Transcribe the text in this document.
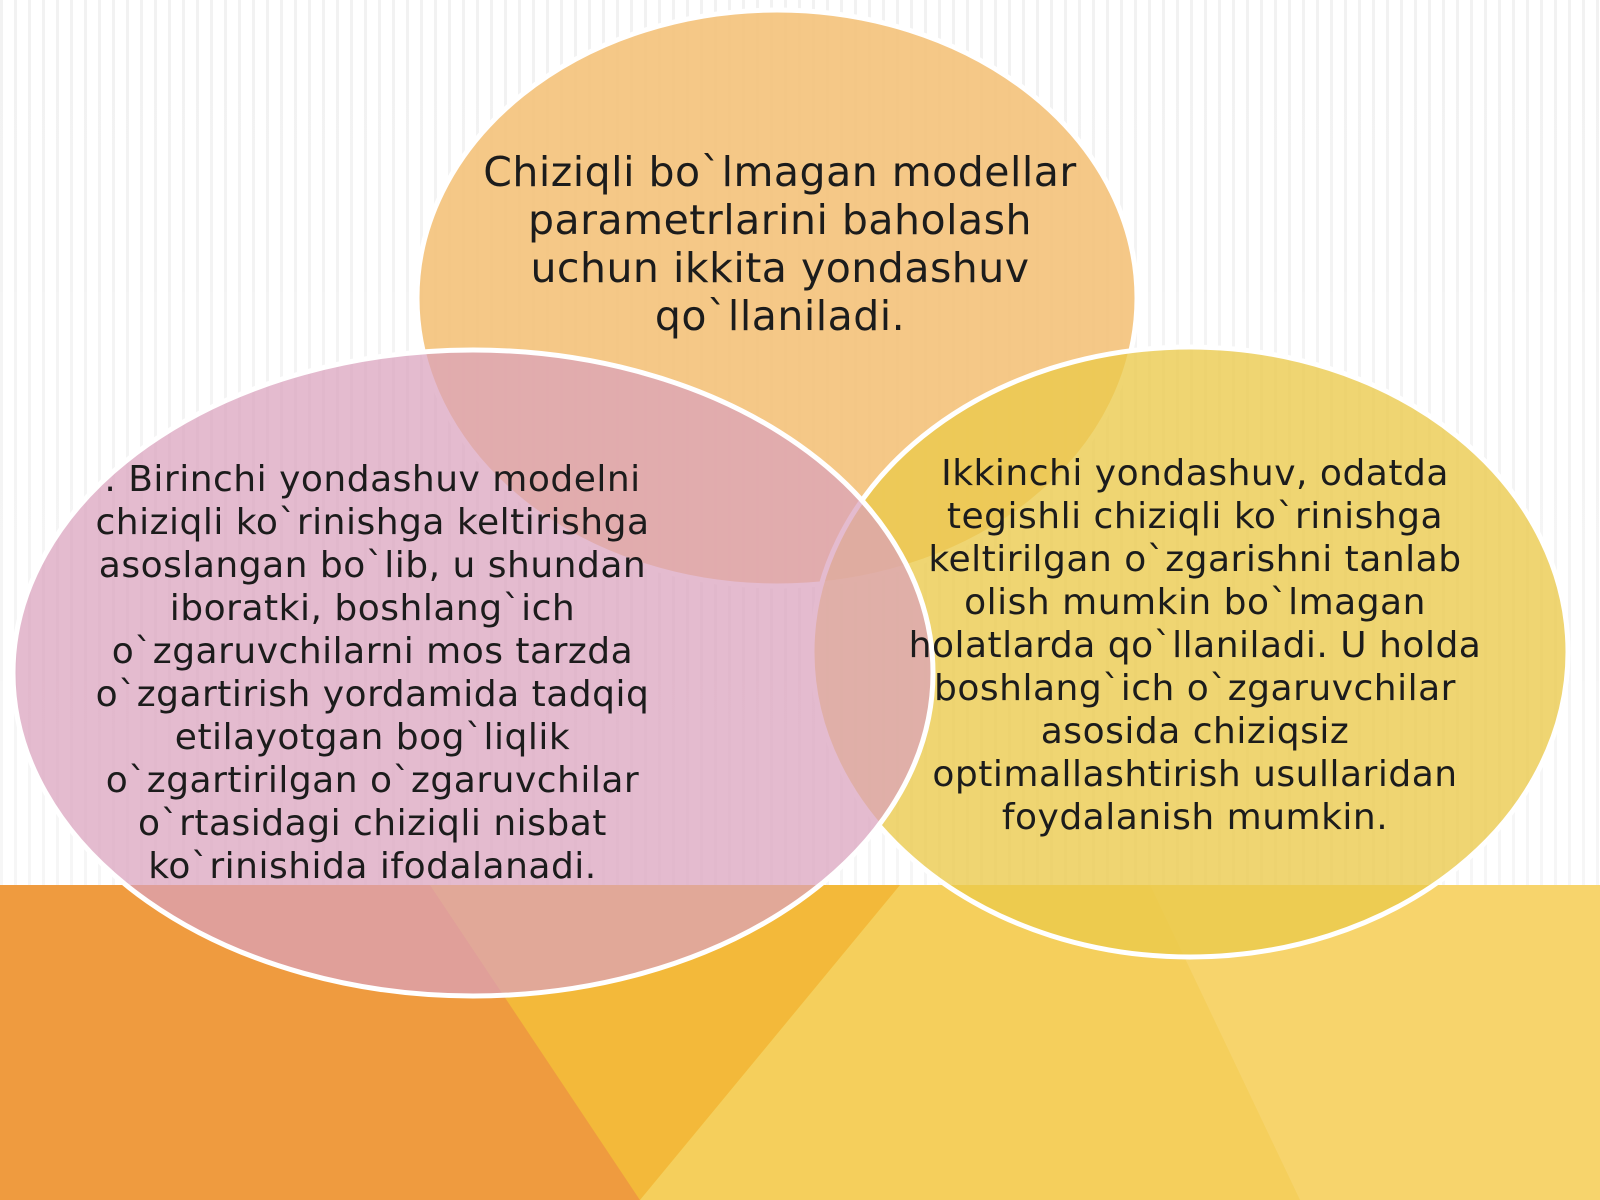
Chiziqli bo`lmagan modellar parametrlarini baholash uchun ikkita yondashuv qo`llaniladi.
. Birinchi yondashuv modelni chiziqli ko`rinishga keltirishga asoslangan bo`lib, u shundan iboratki, boshlang`ich o`zgaruvchilarni mos tarzda o`zgartirish yordamida tadqiq etilayotgan bog`liqlik o`zgartirilgan o`zgaruvchilar o`rtasidagi chiziqli nisbat ko`rinishida ifodalanadi.
Ikkinchi yondashuv, odatda tegishli chiziqli ko`rinishga keltirilgan o`zgarishni tanlab olish mumkin bo`lmagan holatlarda qo`llaniladi. U holda boshlang`ich o`zgaruvchilar asosida chiziqsiz optimallashtirish usullaridan foydalanish mumkin.
